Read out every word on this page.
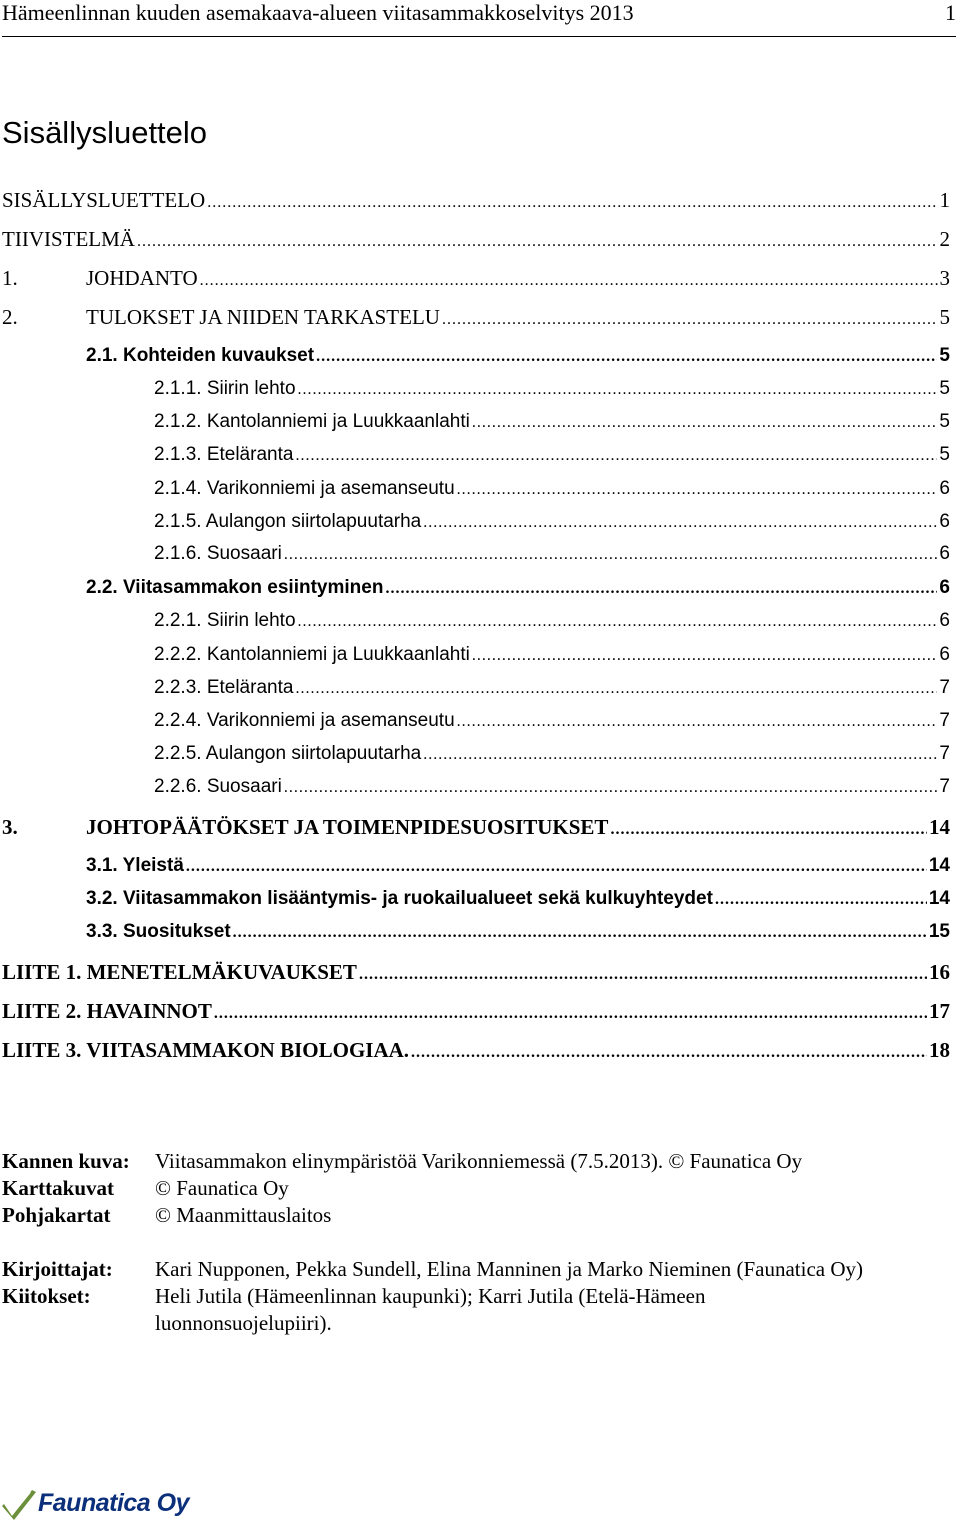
Hämeenlinnan kuuden asemakaava-alueen viitasammakkoselvitys 2013	1
Sisällysluettelo
SISÄLLYSLUETTELO .....	1
TIIVISTELMÄ .....	2
1.	JOHDANTO .....	3
2.	TULOKSET JA NIIDEN TARKASTELU .....	5
2.1. Kohteiden kuvaukset .....	5
2.1.1. Siirin lehto .....	5
2.1.2. Kantolanniemi ja Luukkaanlahti .....	5
2.1.3. Eteläranta .....	5
2.1.4. Varikonniemi ja asemanseutu .....	6
2.1.5. Aulangon siirtolapuutarha .....	6
2.1.6. Suosaari .....	6
2.2. Viitasammakon esiintyminen .....	6
2.2.1. Siirin lehto .....	6
2.2.2. Kantolanniemi ja Luukkaanlahti .....	6
2.2.3. Eteläranta .....	7
2.2.4. Varikonniemi ja asemanseutu .....	7
2.2.5. Aulangon siirtolapuutarha .....	7
2.2.6. Suosaari .....	7
3.	JOHTOPÄÄTÖKSET JA TOIMENPIDESUOSITUKSET .....	14
3.1. Yleistä .....	14
3.2. Viitasammakon lisääntymis- ja ruokailualueet sekä kulkuyhteydet .....	14
3.3. Suositukset .....	15
LIITE 1. MENETELMÄKUVAUKSET .....	16
LIITE 2. HAVAINNOT .....	17
LIITE 3. VIITASAMMAKON BIOLOGIAA. .....	18
Kannen kuva: Viitasammakon elinympäristöä Varikonniemessä (7.5.2013). © Faunatica Oy
Karttakuvat © Faunatica Oy
Pohjakartat © Maanmittauslaitos
Kirjoittajat: Kari Nupponen, Pekka Sundell, Elina Manninen ja Marko Nieminen (Faunatica Oy)
Kiitokset:	Heli Jutila (Hämeenlinnan kaupunki); Karri Jutila (Etelä-Hämeen
luonnonsuojelupiiri).
Faunatica Oy
